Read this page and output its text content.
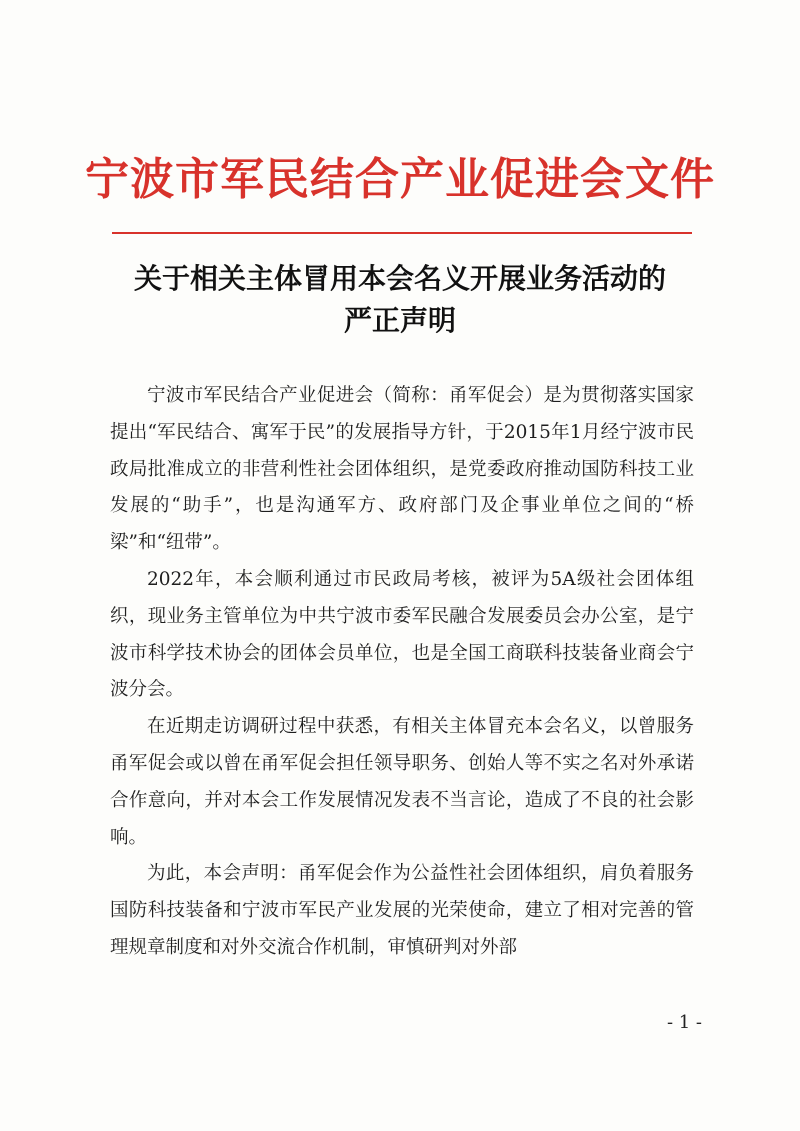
宁波市军民结合产业促进会文件
关于相关主体冒用本会名义开展业务活动的
严正声明

宁波市军民结合产业促进会（简称：甬军促会）是为贯彻落实国家提出“军民结合、寓军于民”的发展指导方针，于2015年1月经宁波市民政局批准成立的非营利性社会团体组织，是党委政府推动国防科技工业发展的“助手”，也是沟通军方、政府部门及企事业单位之间的“桥梁”和“纽带”。

2022年，本会顺利通过市民政局考核，被评为5A级社会团体组织，现业务主管单位为中共宁波市委军民融合发展委员会办公室，是宁波市科学技术协会的团体会员单位，也是全国工商联科技装备业商会宁波分会。

在近期走访调研过程中获悉，有相关主体冒充本会名义，以曾服务甬军促会或以曾在甬军促会担任领导职务、创始人等不实之名对外承诺合作意向，并对本会工作发展情况发表不当言论，造成了不良的社会影响。

为此，本会声明：甬军促会作为公益性社会团体组织，肩负着服务国防科技装备和宁波市军民产业发展的光荣使命，建立了相对完善的管理规章制度和对外交流合作机制，审慎研判对外部

- 1 -
